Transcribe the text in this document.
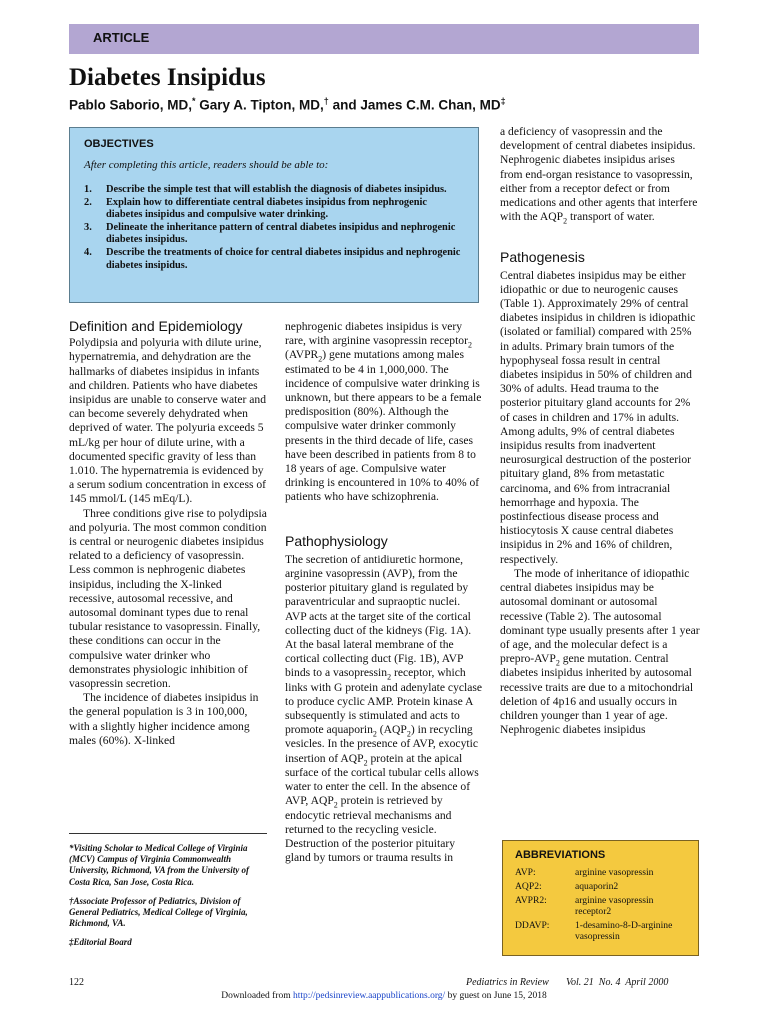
ARTICLE
Diabetes Insipidus
Pablo Saborio, MD,* Gary A. Tipton, MD,† and James C.M. Chan, MD‡
OBJECTIVES
After completing this article, readers should be able to:
1. Describe the simple test that will establish the diagnosis of diabetes insipidus.
2. Explain how to differentiate central diabetes insipidus from nephrogenic diabetes insipidus and compulsive water drinking.
3. Delineate the inheritance pattern of central diabetes insipidus and nephrogenic diabetes insipidus.
4. Describe the treatments of choice for central diabetes insipidus and nephrogenic diabetes insipidus.
Definition and Epidemiology

Polydipsia and polyuria with dilute urine, hypernatremia, and dehydration are the hallmarks of diabetes insipidus in infants and children. Patients who have diabetes insipidus are unable to conserve water and can become severely dehydrated when deprived of water. The polyuria exceeds 5 mL/kg per hour of dilute urine, with a documented specific gravity of less than 1.010. The hypernatremia is evidenced by a serum sodium concentration in excess of 145 mmol/L (145 mEq/L).

Three conditions give rise to polydipsia and polyuria. The most common condition is central or neurogenic diabetes insipidus related to a deficiency of vasopressin. Less common is nephrogenic diabetes insipidus, including the X-linked recessive, autosomal recessive, and autosomal dominant types due to renal tubular resistance to vasopressin. Finally, these conditions can occur in the compulsive water drinker who demonstrates physiologic inhibition of vasopressin secretion.

The incidence of diabetes insipidus in the general population is 3 in 100,000, with a slightly higher incidence among males (60%). X-linked

*Visiting Scholar to Medical College of Virginia (MCV) Campus of Virginia Commonwealth University, Richmond, VA from the University of Costa Rica, San Jose, Costa Rica.

†Associate Professor of Pediatrics, Division of General Pediatrics, Medical College of Virginia, Richmond, VA.

‡Editorial Board

nephrogenic diabetes insipidus is very rare, with arginine vasopressin receptor$_2$ $(AVPR_2)$ gene mutations among males estimated to be 4 in 1,000,000. The incidence of compulsive water drinking is unknown, but there appears to be a female predisposition (80%). Although the compulsive water drinker commonly presents in the third decade of life, cases have been described in patients from 8 to 18 years of age. Compulsive water drinking is encountered in 10% to 40% of patients who have schizophrenia.

Pathophysiology

The secretion of antidiuretic hormone, arginine vasopressin (AVP), from the posterior pituitary gland is regulated by paraventricular and supraoptic nuclei. AVP acts at the target site of the cortical collecting duct of the kidneys (Fig. 1A). At the basal lateral membrane of the cortical collecting duct (Fig. 1B), AVP binds to a vasopressin$_2$ receptor, which links with G protein and adenylate cyclase to produce cyclic AMP. Protein kinase A subsequently is stimulated and acts to promote aquaporin$_2$ $(AQP_2)$ in recycling vesicles. In the presence of AVP, exocytic insertion of $AQP_2$ protein at the apical surface of the cortical tubular cells allows water to enter the cell. In the absence of AVP, $AQP_2$ protein is retrieved by endocytic retrieval mechanisms and returned to the recycling vesicle. Destruction of the posterior pituitary gland by tumors or trauma results in

a deficiency of vasopressin and the development of central diabetes insipidus. Nephrogenic diabetes insipidus arises from end-organ resistance to vasopressin, either from a receptor defect or from medications and other agents that interfere with the $AQP_2$ transport of water.

Pathogenesis

Central diabetes insipidus may be either idiopathic or due to neurogenic causes (Table 1). Approximately 29% of central diabetes insipidus in children is idiopathic (isolated or familial) compared with 25% in adults. Primary brain tumors of the hypophyseal fossa result in central diabetes insipidus in 50% of children and 30% of adults. Head trauma to the posterior pituitary gland accounts for 2% of cases in children and 17% in adults. Among adults, 9% of central diabetes insipidus results from inadvertent neurosurgical destruction of the posterior pituitary gland, 8% from metastatic carcinoma, and 6% from intracranial hemorrhage and hypoxia. The postinfectious disease process and histiocytosis X cause central diabetes insipidus in 2% and 16% of children, respectively.

The mode of inheritance of idiopathic central diabetes insipidus may be autosomal dominant or autosomal recessive (Table 2). The autosomal dominant type usually presents after 1 year of age, and the molecular defect is a prepro-$AVP_2$ gene mutation. Central diabetes insipidus inherited by autosomal recessive traits are due to a mitochondrial deletion of 4p16 and usually occurs in children younger than 1 year of age. Nephrogenic diabetes insipidus

ABBREVIATIONS
AVP:	arginine vasopressin
AQP2:	aquaporin2
AVPR2:	arginine vasopressin receptor2
DDAVP:	1-desamino-8-D-arginine vasopressin
122	Pediatrics in Review Vol. 21  No. 4  April 2000
Downloaded from http://pedsinreview.aappublications.org/ by guest on June 15, 2018
